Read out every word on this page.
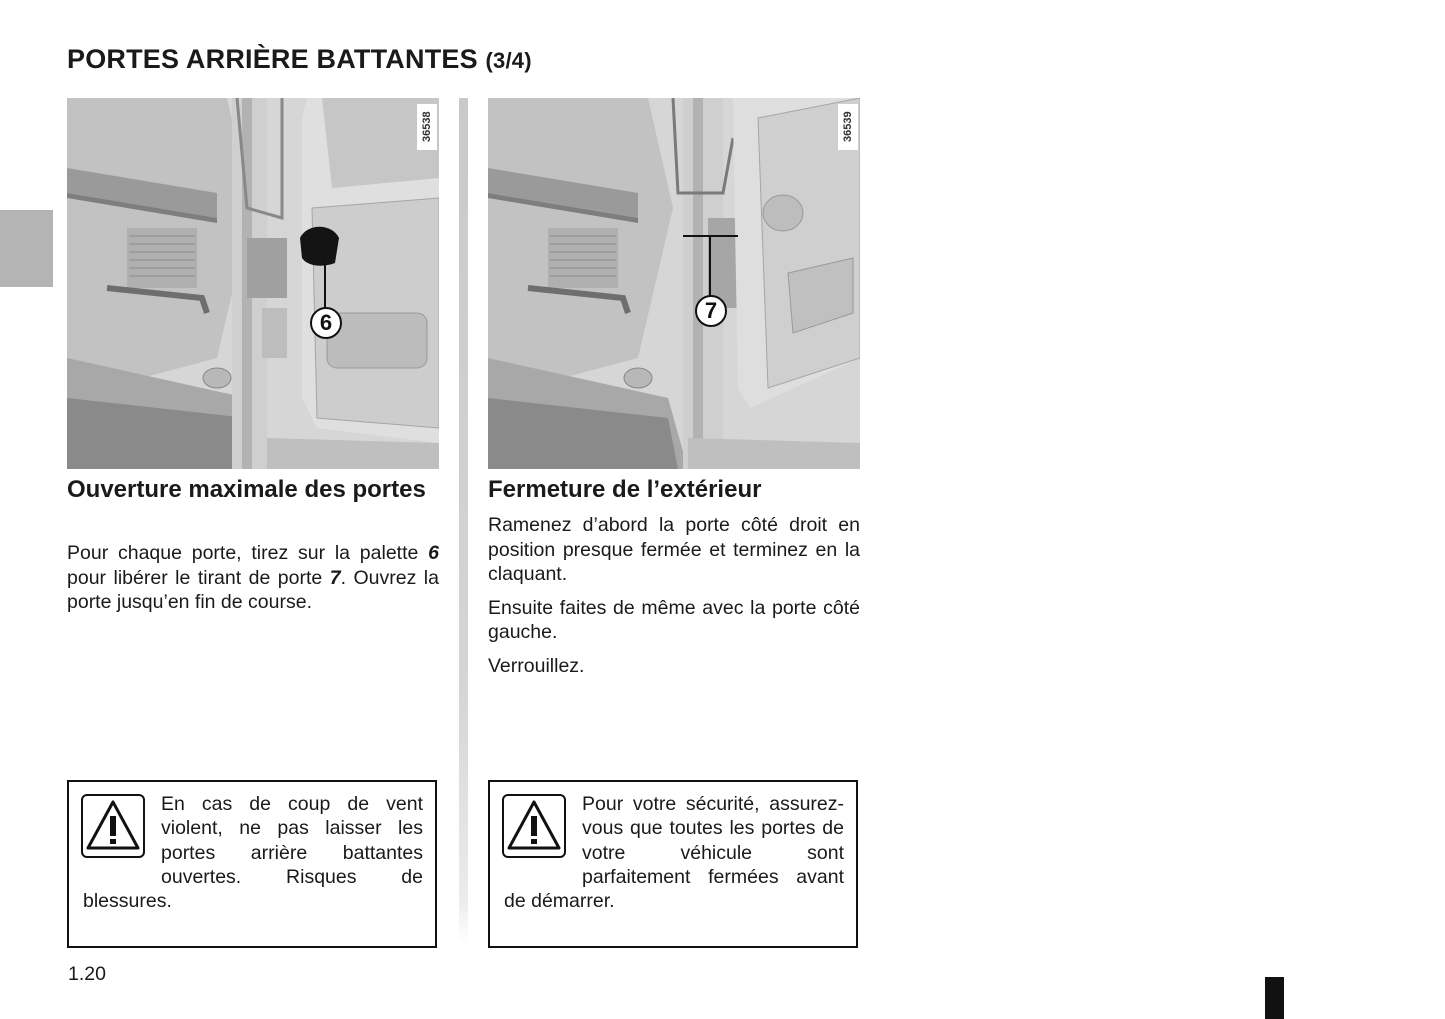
PORTES ARRIÈRE BATTANTES (3/4)
36538
6
36539
7
Ouverture maximale des portes

Pour chaque porte, tirez sur la palette 6 pour libérer le tirant de porte 7. Ouvrez la porte jusqu’en fin de course.

Fermeture de l’extérieur

Ramenez d’abord la porte côté droit en position presque fermée et terminez en la claquant.

Ensuite faites de même avec la porte côté gauche.

Verrouillez.

En cas de coup de vent violent, ne pas laisser les portes arrière battantes ouvertes. Risques de blessures.
Pour votre sécurité, assurez-vous que toutes les portes de votre véhicule sont parfaitement fermées avant de démarrer.
1.20
